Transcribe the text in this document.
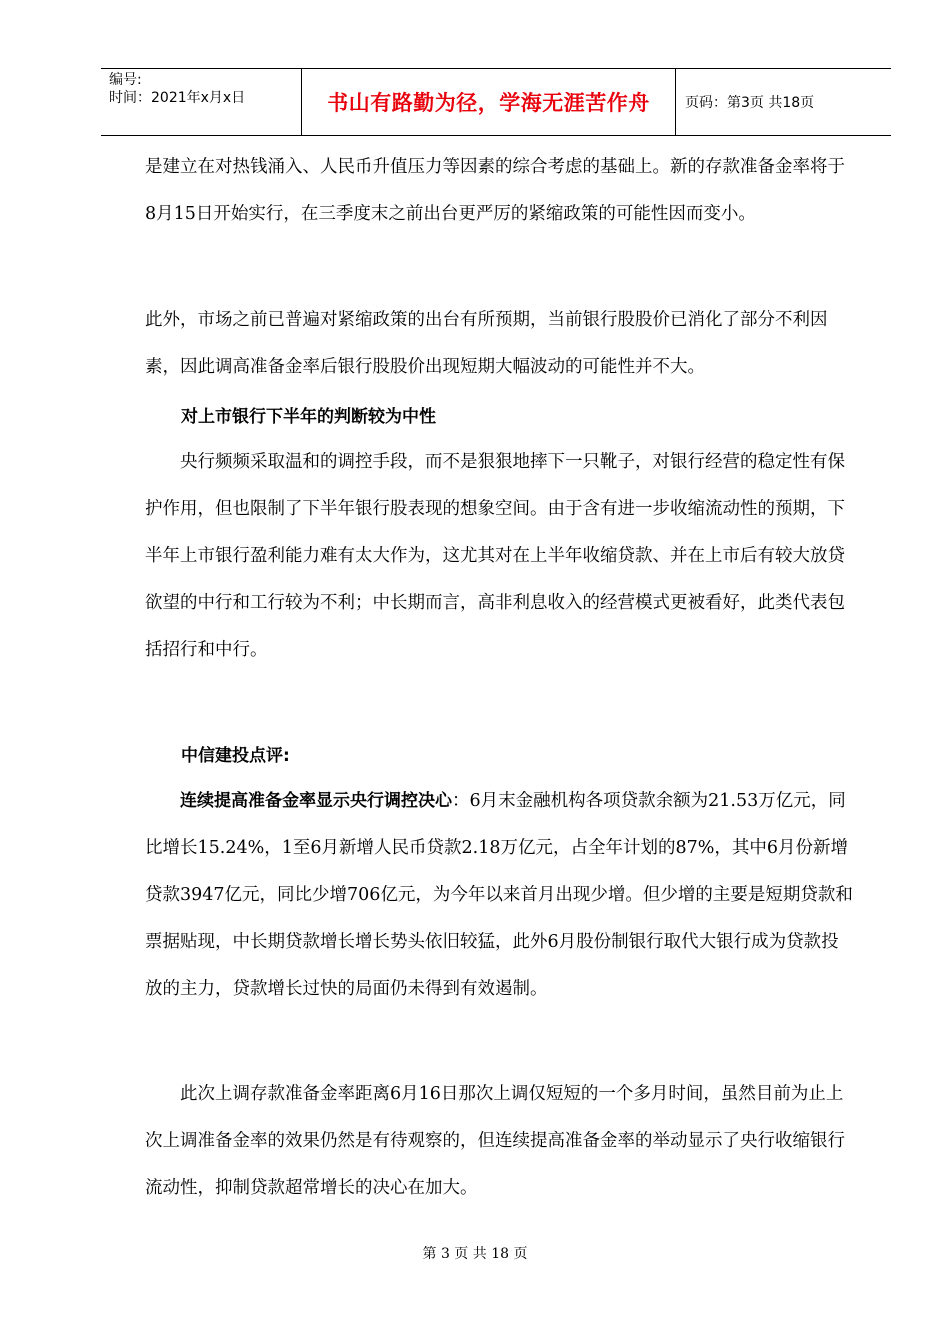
编号:
时间：2021年x月x日	书山有路勤为径，学海无涯苦作舟	页码：第3页 共18页

是建立在对热钱涌入、人民币升值压力等因素的综合考虑的基础上。新的存款准备金率将于8月15日开始实行，在三季度末之前出台更严厉的紧缩政策的可能性因而变小。

此外，市场之前已普遍对紧缩政策的出台有所预期，当前银行股股价已消化了部分不利因素，因此调高准备金率后银行股股价出现短期大幅波动的可能性并不大。

对上市银行下半年的判断较为中性

央行频频采取温和的调控手段，而不是狠狠地摔下一只靴子，对银行经营的稳定性有保护作用，但也限制了下半年银行股表现的想象空间。由于含有进一步收缩流动性的预期，下半年上市银行盈利能力难有太大作为，这尤其对在上半年收缩贷款、并在上市后有较大放贷欲望的中行和工行较为不利；中长期而言，高非利息收入的经营模式更被看好，此类代表包括招行和中行。

中信建投点评:

连续提高准备金率显示央行调控决心：6月末金融机构各项贷款余额为21.53万亿元，同比增长15.24%，1至6月新增人民币贷款2.18万亿元，占全年计划的87%，其中6月份新增贷款3947亿元，同比少增706亿元，为今年以来首月出现少增。但少增的主要是短期贷款和票据贴现，中长期贷款增长增长势头依旧较猛，此外6月股份制银行取代大银行成为贷款投放的主力，贷款增长过快的局面仍未得到有效遏制。

此次上调存款准备金率距离6月16日那次上调仅短短的一个多月时间，虽然目前为止上次上调准备金率的效果仍然是有待观察的，但连续提高准备金率的举动显示了央行收缩银行流动性，抑制贷款超常增长的决心在加大。

第 3 页 共 18 页
